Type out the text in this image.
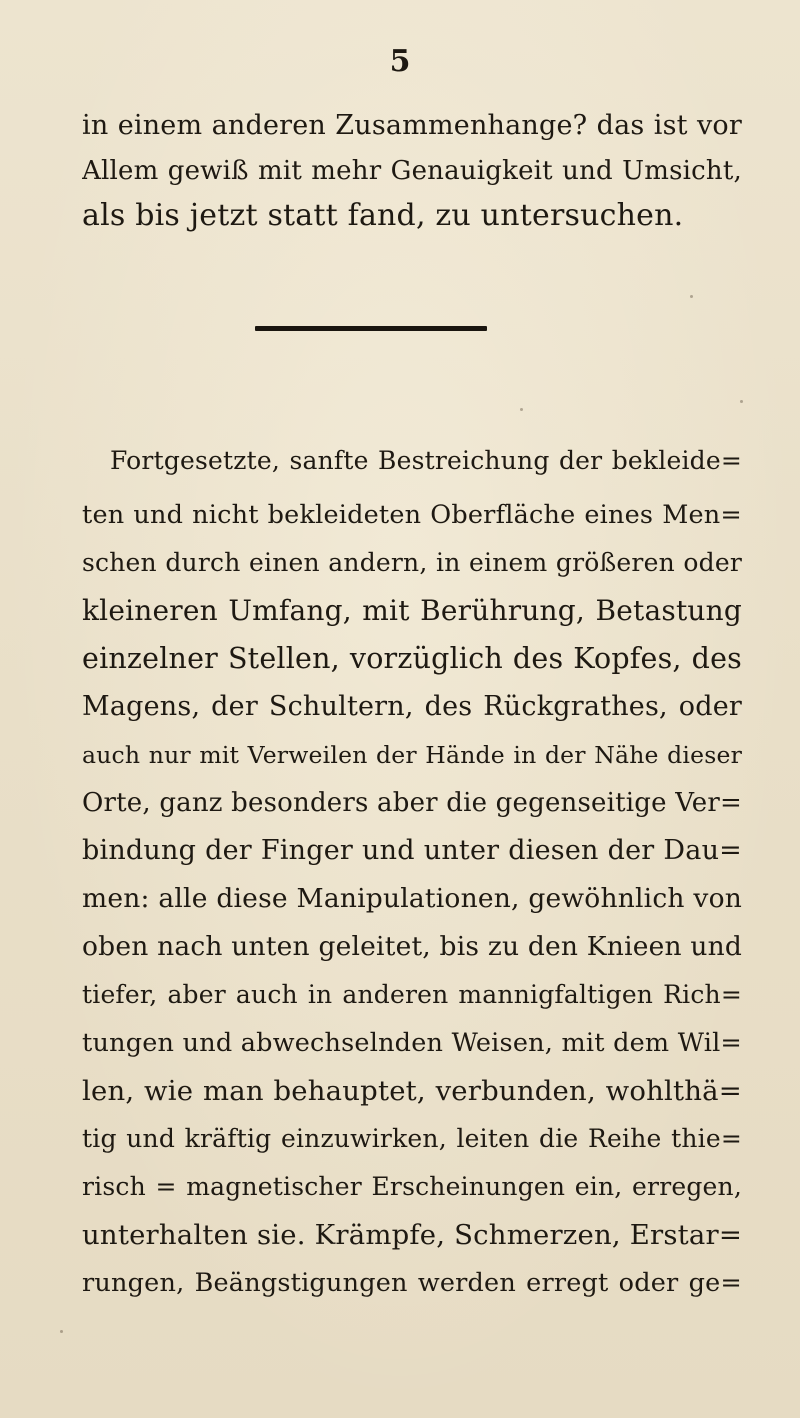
5
in einem anderen Zusammenhange? das ist vor
Allem gewiß mit mehr Genauigkeit und Umsicht,
als bis jetzt statt fand, zu untersuchen.
Fortgesetzte, sanfte Bestreichung der bekleide=
ten und nicht bekleideten Oberfläche eines Men=
schen durch einen andern, in einem größeren oder
kleineren Umfang, mit Berührung, Betastung
einzelner Stellen, vorzüglich des Kopfes, des
Magens, der Schultern, des Rückgrathes, oder
auch nur mit Verweilen der Hände in der Nähe dieser
Orte, ganz besonders aber die gegenseitige Ver=
bindung der Finger und unter diesen der Dau=
men: alle diese Manipulationen, gewöhnlich von
oben nach unten geleitet, bis zu den Knieen und
tiefer, aber auch in anderen mannigfaltigen Rich=
tungen und abwechselnden Weisen, mit dem Wil=
len, wie man behauptet, verbunden, wohlthä=
tig und kräftig einzuwirken, leiten die Reihe thie=
risch = magnetischer Erscheinungen ein, erregen,
unterhalten sie. Krämpfe, Schmerzen, Erstar=
rungen, Beängstigungen werden erregt oder ge=
